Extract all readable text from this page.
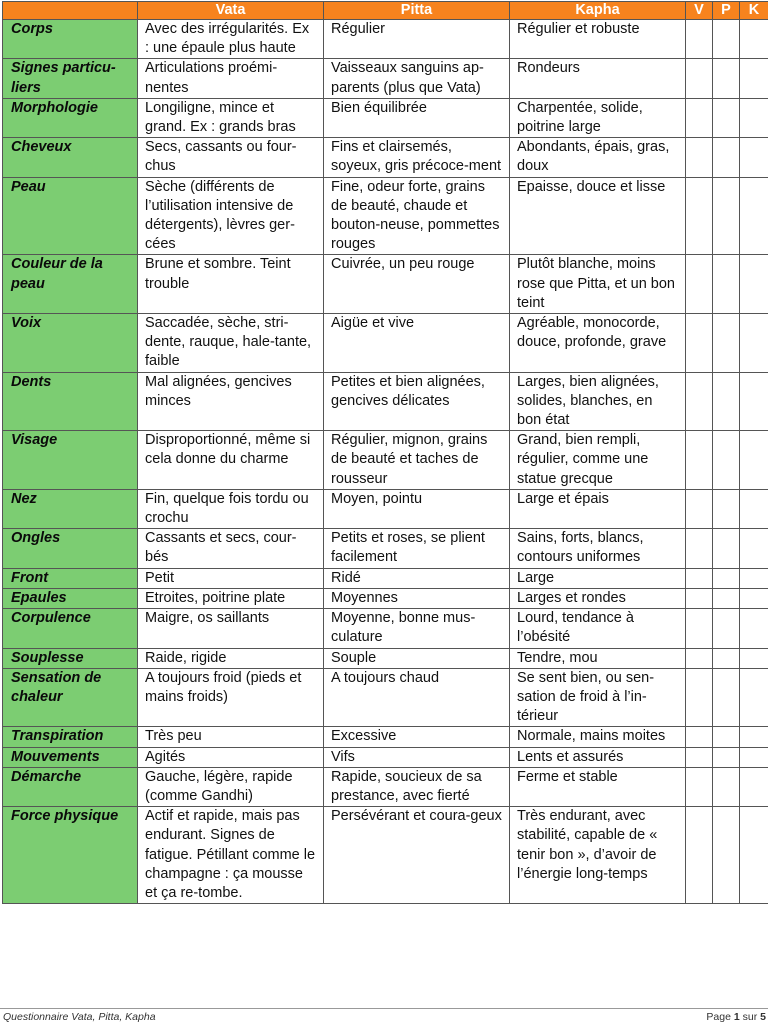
	Vata	Pitta	Kapha	V	P	K
Corps	Avec des irrégularités. Ex : une épaule plus haute	Régulier	Régulier et robuste			
Signes particu-liers	Articulations proémi-nentes	Vaisseaux sanguins ap-parents (plus que Vata)	Rondeurs			
Morphologie	Longiligne, mince et grand. Ex : grands bras	Bien équilibrée	Charpentée, solide, poitrine large			
Cheveux	Secs, cassants ou four-chus	Fins et clairsemés, soyeux, gris précoce-ment	Abondants, épais, gras, doux			
Peau	Sèche (différents de l’utilisation intensive de détergents), lèvres ger-cées	Fine, odeur forte, grains de beauté, chaude et bouton-neuse, pommettes rouges	Epaisse, douce et lisse			
Couleur de la peau	Brune et sombre. Teint trouble	Cuivrée, un peu rouge	Plutôt blanche, moins rose que Pitta, et un bon teint			
Voix	Saccadée, sèche, stri-dente, rauque, hale-tante, faible	Aigüe et vive	Agréable, monocorde, douce, profonde, grave			
Dents	Mal alignées, gencives minces	Petites et bien alignées, gencives délicates	Larges, bien alignées, solides, blanches, en bon état			
Visage	Disproportionné, même si cela donne du charme	Régulier, mignon, grains de beauté et taches de rousseur	Grand, bien rempli, régulier, comme une statue grecque			
Nez	Fin, quelque fois tordu ou crochu	Moyen, pointu	Large et épais			
Ongles	Cassants et secs, cour-bés	Petits et roses, se plient facilement	Sains, forts, blancs, contours uniformes			
Front	Petit	Ridé	Large			
Epaules	Etroites, poitrine plate	Moyennes	Larges et rondes			
Corpulence	Maigre, os saillants	Moyenne, bonne mus-culature	Lourd, tendance à l’obésité			
Souplesse	Raide, rigide	Souple	Tendre, mou			
Sensation de chaleur	A toujours froid (pieds et mains froids)	A toujours chaud	Se sent bien, ou sen-sation de froid à l’in-térieur			
Transpiration	Très peu	Excessive	Normale, mains moites			
Mouvements	Agités	Vifs	Lents et assurés			
Démarche	Gauche, légère, rapide (comme Gandhi)	Rapide, soucieux de sa prestance, avec fierté	Ferme et stable			
Force physique	Actif et rapide, mais pas endurant. Signes de fatigue. Pétillant comme le champagne : ça mousse et ça re-tombe.	Persévérant et coura-geux	Très endurant, avec stabilité, capable de « tenir bon », d’avoir de l’énergie long-temps			
Questionnaire Vata, Pitta, Kapha	Page 1 sur 5
